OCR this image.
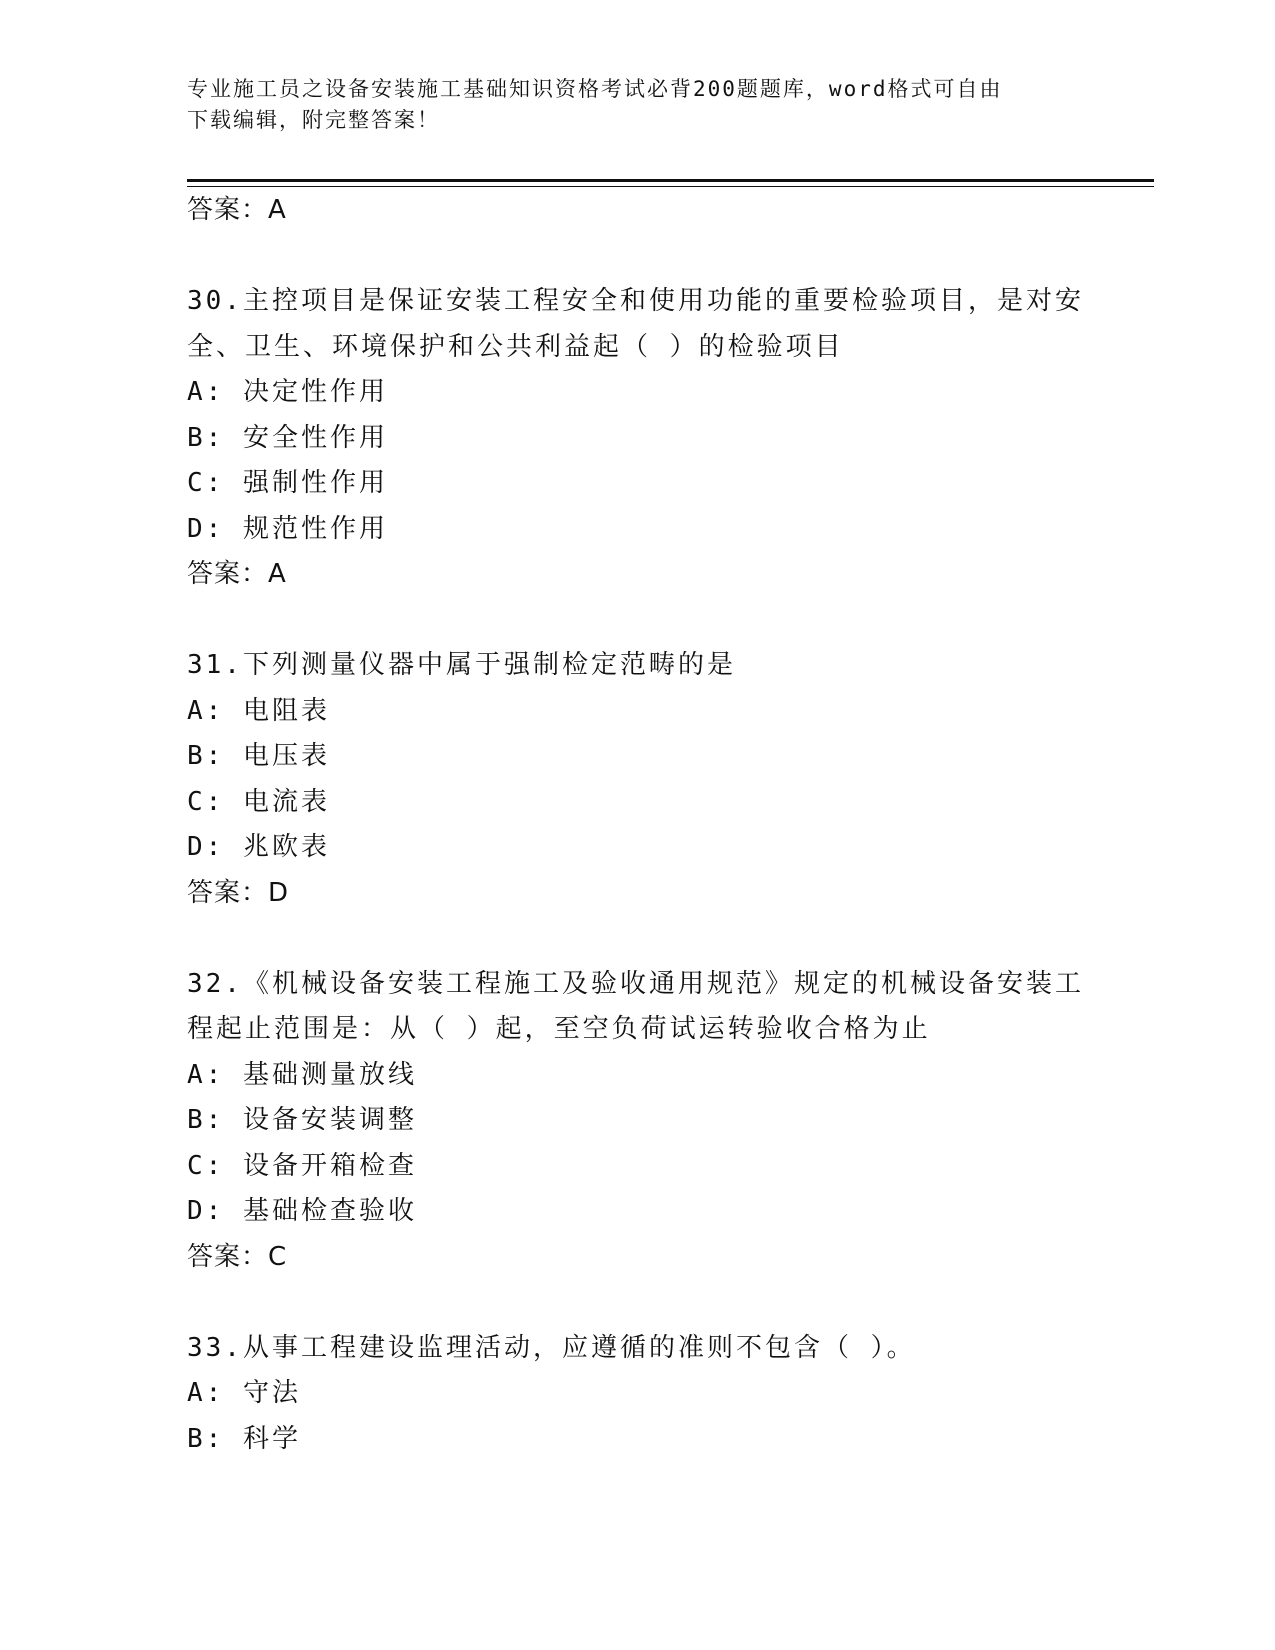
专业施工员之设备安装施工基础知识资格考试必背200题题库，word格式可自由
下载编辑，附完整答案！
答案：A
30.主控项目是保证安装工程安全和使用功能的重要检验项目，是对安
全、卫生、环境保护和公共利益起（ ）的检验项目
A: 决定性作用
B: 安全性作用
C: 强制性作用
D: 规范性作用
答案：A
31.下列测量仪器中属于强制检定范畴的是
A: 电阻表
B: 电压表
C: 电流表
D: 兆欧表
答案：D
32.《机械设备安装工程施工及验收通用规范》规定的机械设备安装工
程起止范围是：从（ ）起，至空负荷试运转验收合格为止
A: 基础测量放线
B: 设备安装调整
C: 设备开箱检查
D: 基础检查验收
答案：C
33.从事工程建设监理活动，应遵循的准则不包含（ ）。
A: 守法
B: 科学
